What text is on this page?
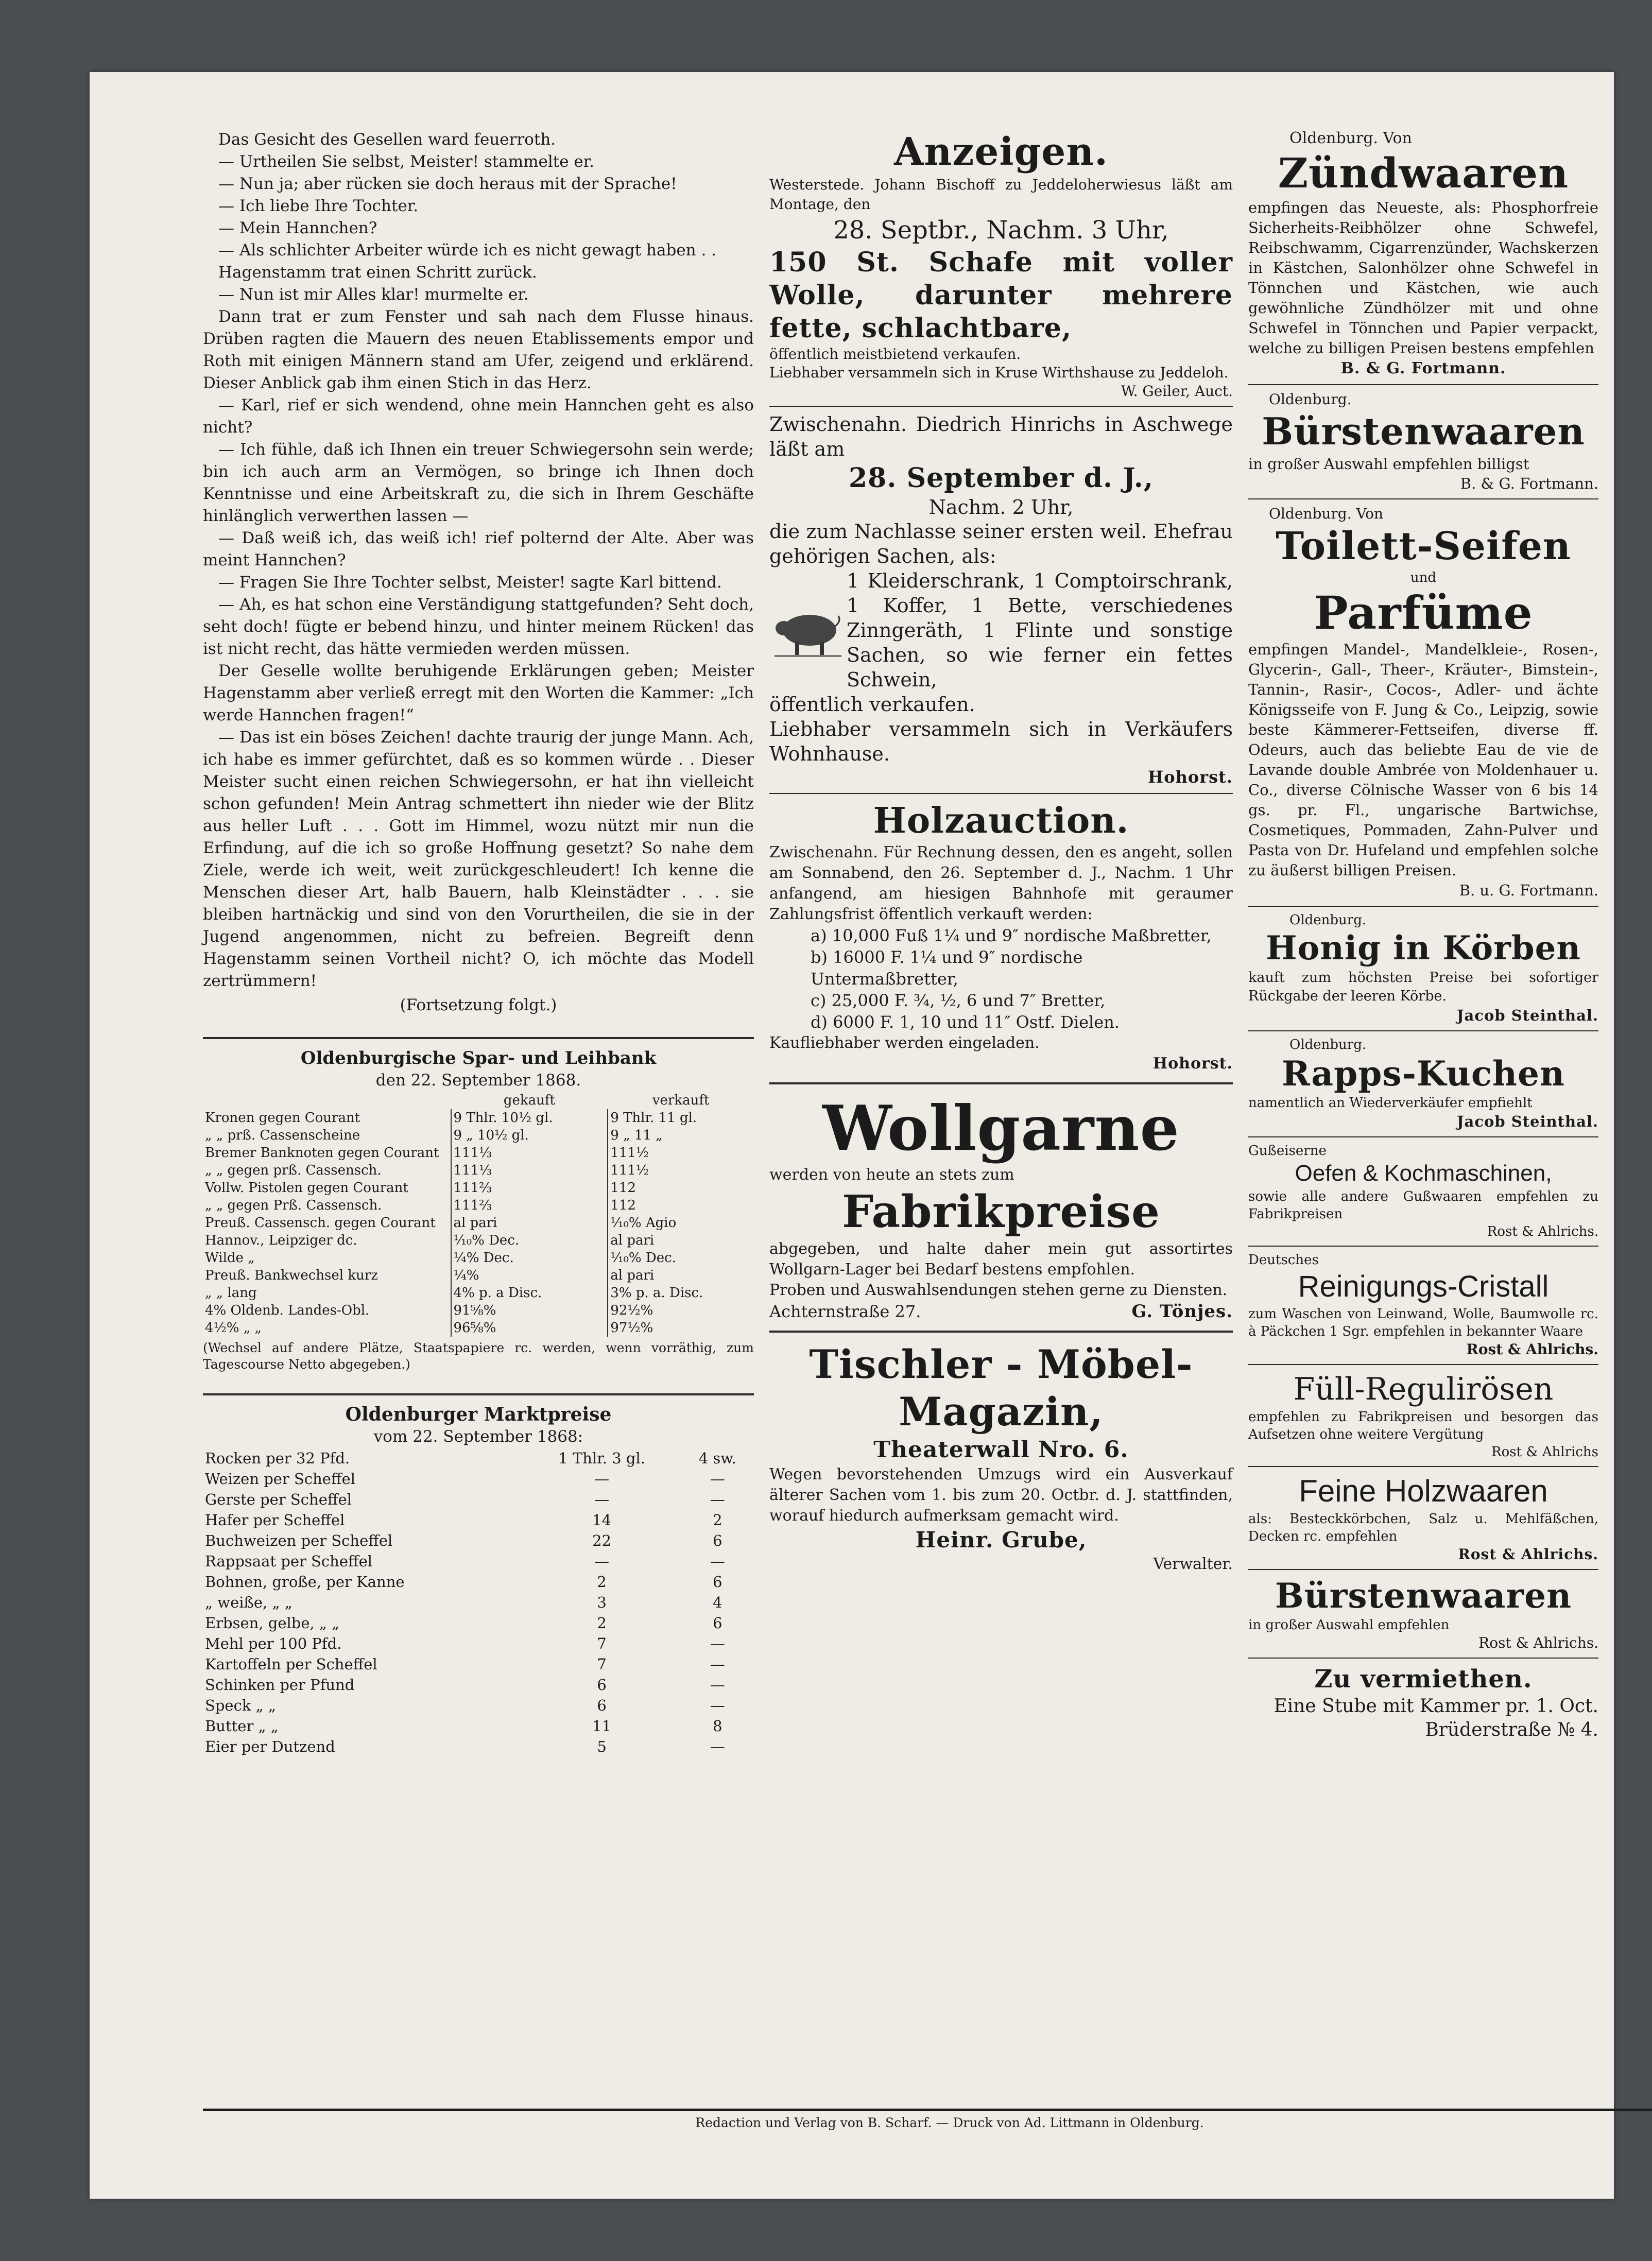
Das Gesicht des Gesellen ward feuerroth.

— Urtheilen Sie selbst, Meister! stammelte er.

— Nun ja; aber rücken sie doch heraus mit der Sprache!

— Ich liebe Ihre Tochter.

— Mein Hannchen?

— Als schlichter Arbeiter würde ich es nicht gewagt haben . .

Hagenstamm trat einen Schritt zurück.

— Nun ist mir Alles klar! murmelte er.

Dann trat er zum Fenster und sah nach dem Flusse hinaus. Drüben ragten die Mauern des neuen Etablissements empor und Roth mit einigen Männern stand am Ufer, zeigend und erklärend. Dieser Anblick gab ihm einen Stich in das Herz.

— Karl, rief er sich wendend, ohne mein Hannchen geht es also nicht?

— Ich fühle, daß ich Ihnen ein treuer Schwiegersohn sein werde; bin ich auch arm an Vermögen, so bringe ich Ihnen doch Kenntnisse und eine Arbeitskraft zu, die sich in Ihrem Geschäfte hinlänglich verwerthen lassen —

— Daß weiß ich, das weiß ich! rief polternd der Alte. Aber was meint Hannchen?

— Fragen Sie Ihre Tochter selbst, Meister! sagte Karl bittend.

— Ah, es hat schon eine Verständigung stattgefunden? Seht doch, seht doch! fügte er bebend hinzu, und hinter meinem Rücken! das ist nicht recht, das hätte vermieden werden müssen.

Der Geselle wollte beruhigende Erklärungen geben; Meister Hagenstamm aber verließ erregt mit den Worten die Kammer: „Ich werde Hannchen fragen!“

— Das ist ein böses Zeichen! dachte traurig der junge Mann. Ach, ich habe es immer gefürchtet, daß es so kommen würde . . Dieser Meister sucht einen reichen Schwiegersohn, er hat ihn vielleicht schon gefunden! Mein Antrag schmettert ihn nieder wie der Blitz aus heller Luft . . . Gott im Himmel, wozu nützt mir nun die Erfindung, auf die ich so große Hoffnung gesetzt? So nahe dem Ziele, werde ich weit, weit zurückgeschleudert! Ich kenne die Menschen dieser Art, halb Bauern, halb Kleinstädter . . . sie bleiben hartnäckig und sind von den Vorurtheilen, die sie in der Jugend angenommen, nicht zu befreien. Begreift denn Hagenstamm seinen Vortheil nicht? O, ich möchte das Modell zertrümmern!

(Fortsetzung folgt.)

Oldenburgische Spar- und Leihbank

den 22. September 1868.

	gekauft	verkauft
Kronen gegen Courant	9 Thlr. 10½ gl.	9 Thlr. 11 gl.
„ „ prß. Cassenscheine	9 „ 10½ gl.	9 „ 11 „
Bremer Banknoten gegen Courant	111⅓	111½
„ „ gegen prß. Cassensch.	111⅓	111½
Vollw. Pistolen gegen Courant	111⅔	112
„ „ gegen Prß. Cassensch.	111⅔	112
Preuß. Cassensch. gegen Courant	al pari	¹⁄₁₀% Agio
Hannov., Leipziger dc.	¹⁄₁₀% Dec.	al pari
Wilde „	¼% Dec.	¹⁄₁₀% Dec.
Preuß. Bankwechsel kurz	¼%	al pari
„ „ lang	4% p. a Disc.	3% p. a. Disc.
4% Oldenb. Landes-Obl.	91⅝%	92½%
4½% „ „	96⅝%	97½%

(Wechsel auf andere Plätze, Staatspapiere rc. werden, wenn vorräthig, zum Tagescourse Netto abgegeben.)

Oldenburger Marktpreise

vom 22. September 1868:

Rocken per 32 Pfd.	1 Thlr. 3 gl.	4 sw.
Weizen per Scheffel	—	—
Gerste per Scheffel	—	—
Hafer per Scheffel	14	2
Buchweizen per Scheffel	22	6
Rappsaat per Scheffel	—	—
Bohnen, große, per Kanne	2	6
„ weiße, „ „	3	4
Erbsen, gelbe, „ „	2	6
Mehl per 100 Pfd.	7	—
Kartoffeln per Scheffel	7	—
Schinken per Pfund	6	—
Speck „ „	6	—
Butter „ „	11	8
Eier per Dutzend	5	—

Anzeigen.

Westerstede. Johann Bischoff zu Jeddeloherwiesus läßt am Montage, den

28. Septbr., Nachm. 3 Uhr,

150 St. Schafe mit voller Wolle, darunter mehrere fette, schlachtbare,

öffentlich meistbietend verkaufen.

Liebhaber versammeln sich in Kruse Wirthshause zu Jeddeloh.

W. Geiler, Auct.

Zwischenahn. Diedrich Hinrichs in Aschwege läßt am

28. September d. J.,

Nachm. 2 Uhr,

die zum Nachlasse seiner ersten weil. Ehefrau gehörigen Sachen, als:

1 Kleiderschrank, 1 Comptoirschrank, 1 Koffer, 1 Bette, verschiedenes Zinngeräth, 1 Flinte und sonstige Sachen, so wie ferner ein fettes Schwein,

öffentlich verkaufen.

Liebhaber versammeln sich in Verkäufers Wohnhause.

Hohorst.

Holzauction.

Zwischenahn. Für Rechnung dessen, den es angeht, sollen am Sonnabend, den 26. September d. J., Nachm. 1 Uhr anfangend, am hiesigen Bahnhofe mit geraumer Zahlungsfrist öffentlich verkauft werden:

a) 10,000 Fuß 1¼ und 9″ nordische Maßbretter,

b) 16000 F. 1¼ und 9″ nordische Untermaßbretter,

c) 25,000 F. ¾, ½, 6 und 7″ Bretter,

d) 6000 F. 1, 10 und 11″ Ostf. Dielen.

Kaufliebhaber werden eingeladen.

Hohorst.

Wollgarne

werden von heute an stets zum

Fabrikpreise

abgegeben, und halte daher mein gut assortirtes Wollgarn-Lager bei Bedarf bestens empfohlen.

Proben und Auswahlsendungen stehen gerne zu Diensten.

Achternstraße 27.	G. Tönjes.

Tischler - Möbel-Magazin,

Theaterwall Nro. 6.

Wegen bevorstehenden Umzugs wird ein Ausverkauf älterer Sachen vom 1. bis zum 20. Octbr. d. J. stattfinden, worauf hiedurch aufmerksam gemacht wird.

Heinr. Grube,

Verwalter.

Oldenburg. Von

Zündwaaren

empfingen das Neueste, als: Phosphorfreie Sicherheits-Reibhölzer ohne Schwefel, Reibschwamm, Cigarrenzünder, Wachskerzen in Kästchen, Salonhölzer ohne Schwefel in Tönnchen und Kästchen, wie auch gewöhnliche Zündhölzer mit und ohne Schwefel in Tönnchen und Papier verpackt, welche zu billigen Preisen bestens empfehlen

B. & G. Fortmann.

Oldenburg.

Bürstenwaaren

in großer Auswahl empfehlen billigst

B. & G. Fortmann.

Oldenburg. Von

Toilett-Seifen

und

Parfüme

empfingen Mandel-, Mandelkleie-, Rosen-, Glycerin-, Gall-, Theer-, Kräuter-, Bimstein-, Tannin-, Rasir-, Cocos-, Adler- und ächte Königsseife von F. Jung & Co., Leipzig, sowie beste Kämmerer-Fettseifen, diverse ff. Odeurs, auch das beliebte Eau de vie de Lavande double Ambrée von Moldenhauer u. Co., diverse Cölnische Wasser von 6 bis 14 gs. pr. Fl., ungarische Bartwichse, Cosmetiques, Pommaden, Zahn-Pulver und Pasta von Dr. Hufeland und empfehlen solche zu äußerst billigen Preisen.

B. u. G. Fortmann.

Oldenburg.

Honig in Körben

kauft zum höchsten Preise bei sofortiger Rückgabe der leeren Körbe.

Jacob Steinthal.

Oldenburg.

Rapps-Kuchen

namentlich an Wiederverkäufer empfiehlt

Jacob Steinthal.

Gußeiserne

Oefen & Kochmaschinen,

sowie alle andere Gußwaaren empfehlen zu Fabrikpreisen

Rost & Ahlrichs.

Deutsches

Reinigungs-Cristall

zum Waschen von Leinwand, Wolle, Baumwolle rc. à Päckchen 1 Sgr. empfehlen in bekannter Waare

Rost & Ahlrichs.

Füll-Regulirösen

empfehlen zu Fabrikpreisen und besorgen das Aufsetzen ohne weitere Vergütung

Rost & Ahlrichs

Feine Holzwaaren

als: Besteckkörbchen, Salz u. Mehlfäßchen, Decken rc. empfehlen

Rost & Ahlrichs.

Bürstenwaaren

in großer Auswahl empfehlen

Rost & Ahlrichs.

Zu vermiethen.

Eine Stube mit Kammer pr. 1. Oct.

Brüderstraße № 4.

Redaction und Verlag von B. Scharf. — Druck von Ad. Littmann in Oldenburg.
